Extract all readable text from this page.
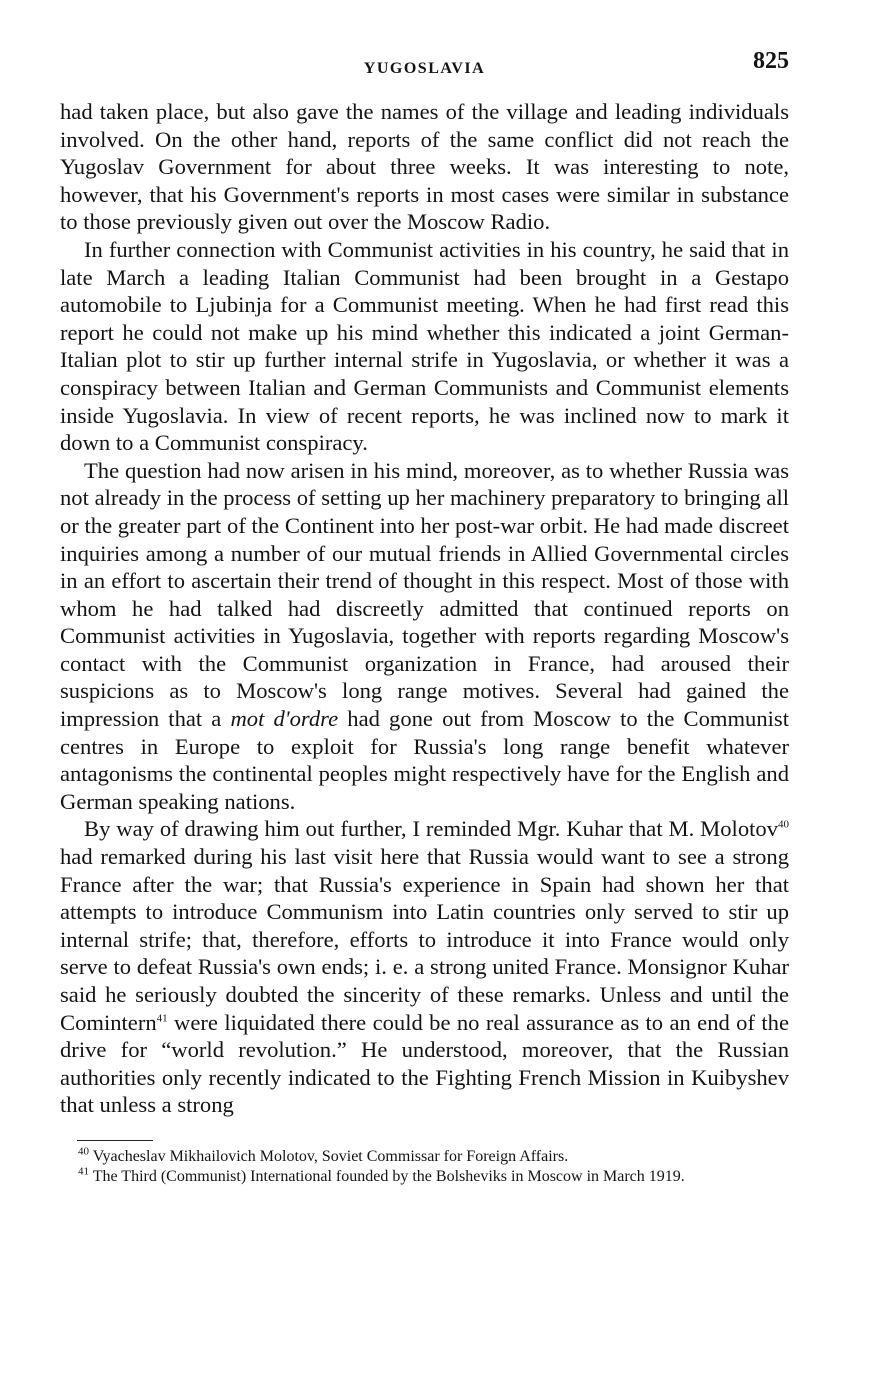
YUGOSLAVIA	825

had taken place, but also gave the names of the village and leading individuals involved. On the other hand, reports of the same conflict did not reach the Yugoslav Government for about three weeks. It was interesting to note, however, that his Government's reports in most cases were similar in substance to those previously given out over the Moscow Radio.

In further connection with Communist activities in his country, he said that in late March a leading Italian Communist had been brought in a Gestapo automobile to Ljubinja for a Communist meeting. When he had first read this report he could not make up his mind whether this indicated a joint German-Italian plot to stir up further internal strife in Yugoslavia, or whether it was a conspiracy between Italian and German Communists and Communist elements inside Yugoslavia. In view of recent reports, he was inclined now to mark it down to a Communist conspiracy.

The question had now arisen in his mind, moreover, as to whether Russia was not already in the process of setting up her machinery preparatory to bringing all or the greater part of the Continent into her post-war orbit. He had made discreet inquiries among a number of our mutual friends in Allied Governmental circles in an effort to ascertain their trend of thought in this respect. Most of those with whom he had talked had discreetly admitted that continued reports on Communist activities in Yugoslavia, together with reports regarding Moscow's contact with the Communist organization in France, had aroused their suspicions as to Moscow's long range motives. Several had gained the impression that a mot d'ordre had gone out from Moscow to the Communist centres in Europe to exploit for Russia's long range benefit whatever antagonisms the continental peoples might respectively have for the English and German speaking nations.

By way of drawing him out further, I reminded Mgr. Kuhar that M. Molotov$^{40}$ had remarked during his last visit here that Russia would want to see a strong France after the war; that Russia's experience in Spain had shown her that attempts to introduce Communism into Latin countries only served to stir up internal strife; that, therefore, efforts to introduce it into France would only serve to defeat Russia's own ends; i. e. a strong united France. Monsignor Kuhar said he seriously doubted the sincerity of these remarks. Unless and until the Comintern$^{41}$ were liquidated there could be no real assurance as to an end of the drive for “world revolution.” He understood, moreover, that the Russian authorities only recently indicated to the Fighting French Mission in Kuibyshev that unless a strong

$^{40}$ Vyacheslav Mikhailovich Molotov, Soviet Commissar for Foreign Affairs.

$^{41}$ The Third (Communist) International founded by the Bolsheviks in Moscow in March 1919.
